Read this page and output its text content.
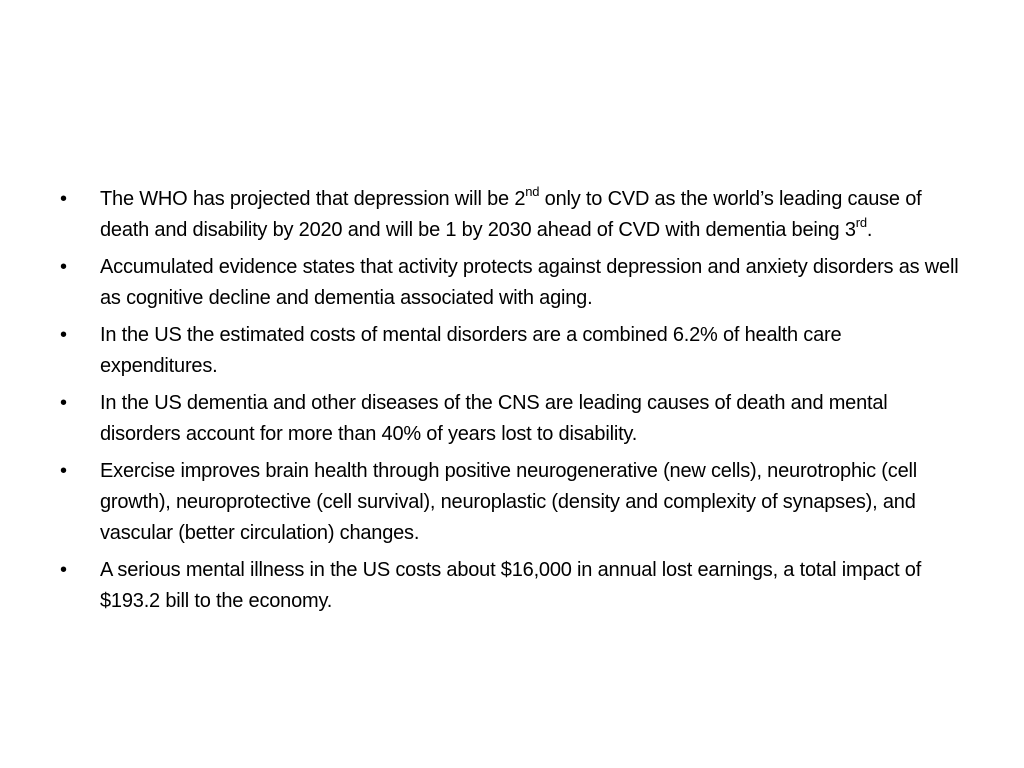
•	The WHO has projected that depression will be 2nd only to CVD as the world’s leading cause of death and disability by 2020 and will be 1 by 2030 ahead of CVD with dementia being 3rd.
•	Accumulated evidence states that activity protects against depression and anxiety disorders as well as cognitive decline and dementia associated with aging.
•	In the US the estimated costs of mental disorders are a combined 6.2% of health care expenditures.
•	In the US dementia and other diseases of the CNS are leading causes of death and mental disorders account for more than 40% of years lost to disability.
•	Exercise improves brain health through positive neurogenerative (new cells), neurotrophic (cell growth), neuroprotective (cell survival), neuroplastic (density and complexity of synapses), and vascular (better circulation) changes.
•	A serious mental illness in the US costs about $16,000 in annual lost earnings, a total impact of $193.2 bill to the economy.
